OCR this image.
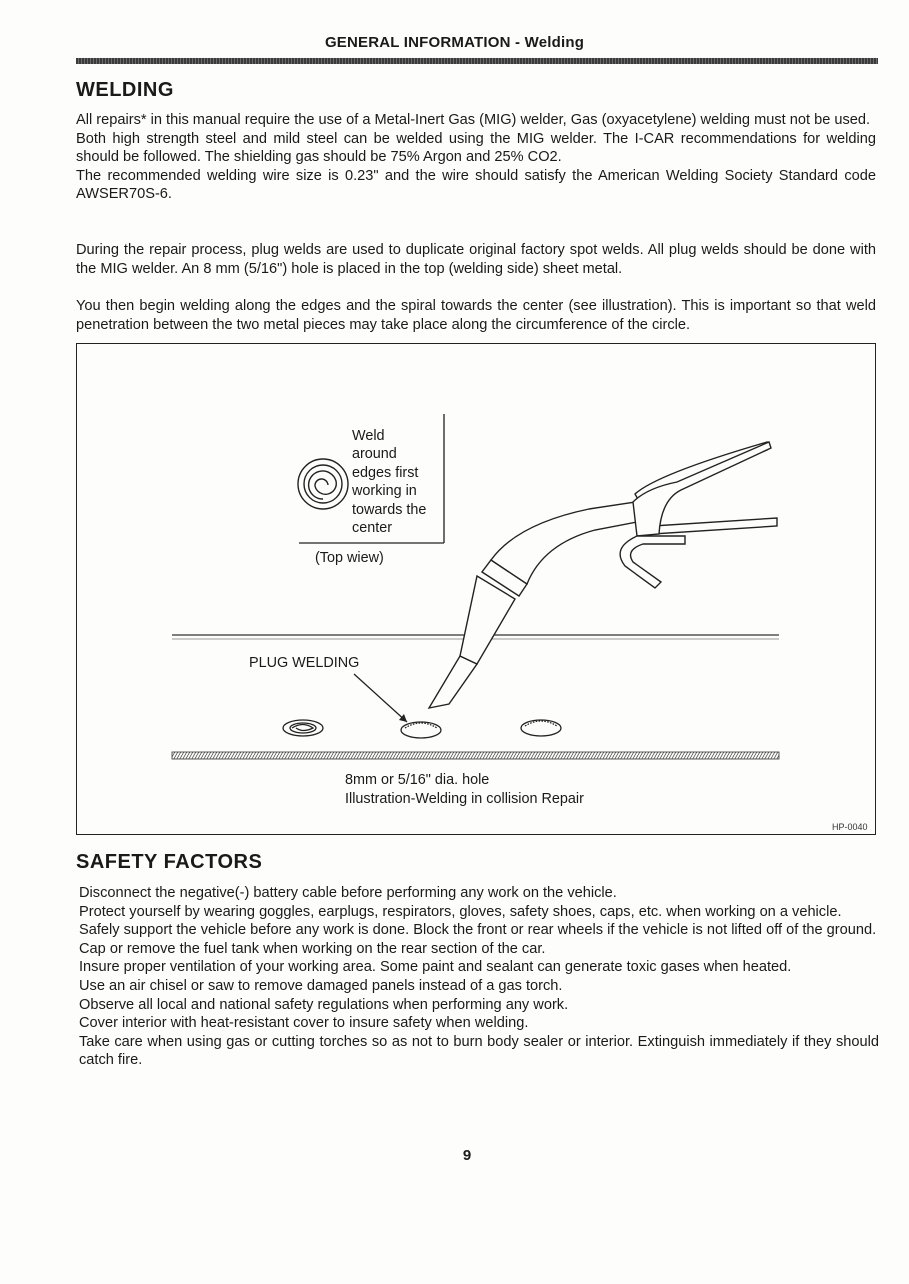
GENERAL INFORMATION - Welding
WELDING

All repairs* in this manual require the use of a Metal-Inert Gas (MIG) welder, Gas (oxyacetylene) welding must not be used.

Both high strength steel and mild steel can be welded using the MIG welder. The I-CAR recommendations for welding should be followed. The shielding gas should be 75% Argon and 25% CO2.

The recommended welding wire size is 0.23" and the wire should satisfy the American Welding Society Standard code AWSER70S-6.

During the repair process, plug welds are used to duplicate original factory spot welds. All plug welds should be done with the MIG welder. An 8 mm (5/16") hole is placed in the top (welding side) sheet metal.

You then begin welding along the edges and the spiral towards the center (see illustration). This is important so that weld penetration between the two metal pieces may take place along the circumference of the circle.

Weld
around
edges first
working in
towards the
center
(Top wiew)
PLUG WELDING
8mm or 5/16" dia. hole
Illustration-Welding in collision Repair
HP-0040
SAFETY FACTORS

Disconnect the negative(-) battery cable before performing any work on the vehicle.

Protect yourself by wearing goggles, earplugs, respirators, gloves, safety shoes, caps, etc. when working on a vehicle.

Safely support the vehicle before any work is done. Block the front or rear wheels if the vehicle is not lifted off of the ground.

Cap or remove the fuel tank when working on the rear section of the car.

Insure proper ventilation of your working area. Some paint and sealant can generate toxic gases when heated.

Use an air chisel or saw to remove damaged panels instead of a gas torch.

Observe all local and national safety regulations when performing any work.

Cover interior with heat-resistant cover to insure safety when welding.

Take care when using gas or cutting torches so as not to burn body sealer or interior. Extinguish immediately if they should catch fire.

9
